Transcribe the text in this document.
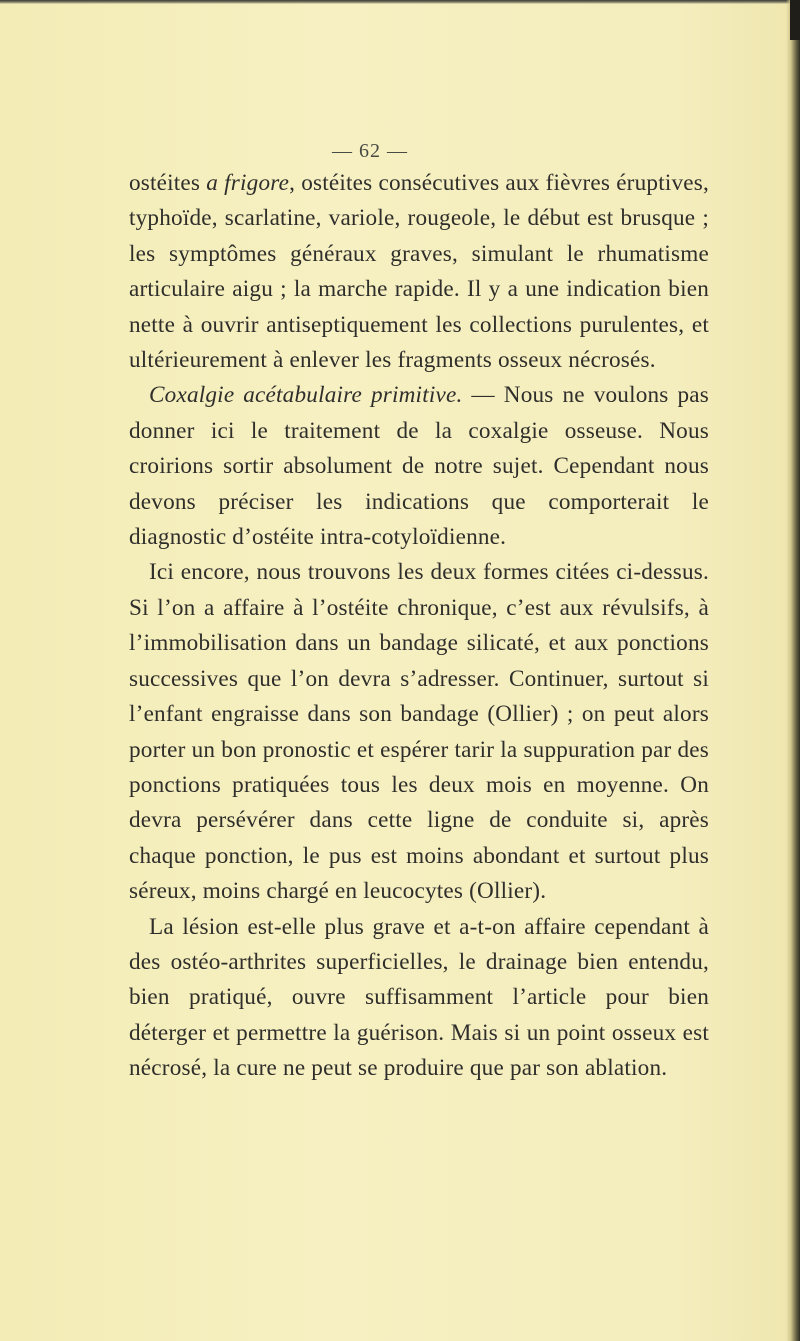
— 62 —

ostéites a frigore, ostéites consécutives aux fièvres éruptives, typhoïde, scarlatine, variole, rougeole, le début est brusque ; les symptômes généraux graves, simulant le rhumatisme articulaire aigu ; la marche rapide. Il y a une indication bien nette à ouvrir antiseptiquement les collections purulentes, et ultérieurement à enlever les fragments osseux nécrosés.

Coxalgie acétabulaire primitive. — Nous ne voulons pas donner ici le traitement de la coxalgie osseuse. Nous croirions sortir absolument de notre sujet. Cependant nous devons préciser les indications que comporterait le diagnostic d’ostéite intra-cotyloïdienne.

Ici encore, nous trouvons les deux formes citées ci-dessus. Si l’on a affaire à l’ostéite chronique, c’est aux révulsifs, à l’immobilisation dans un bandage silicaté, et aux ponctions successives que l’on devra s’adresser. Continuer, surtout si l’enfant engraisse dans son bandage (Ollier) ; on peut alors porter un bon pronostic et espérer tarir la suppuration par des ponctions pratiquées tous les deux mois en moyenne. On devra persévérer dans cette ligne de conduite si, après chaque ponction, le pus est moins abondant et surtout plus séreux, moins chargé en leucocytes (Ollier).

La lésion est-elle plus grave et a-t-on affaire cependant à des ostéo-arthrites superficielles, le drainage bien entendu, bien pratiqué, ouvre suffisamment l’article pour bien déterger et permettre la guérison. Mais si un point osseux est nécrosé, la cure ne peut se produire que par son ablation.
